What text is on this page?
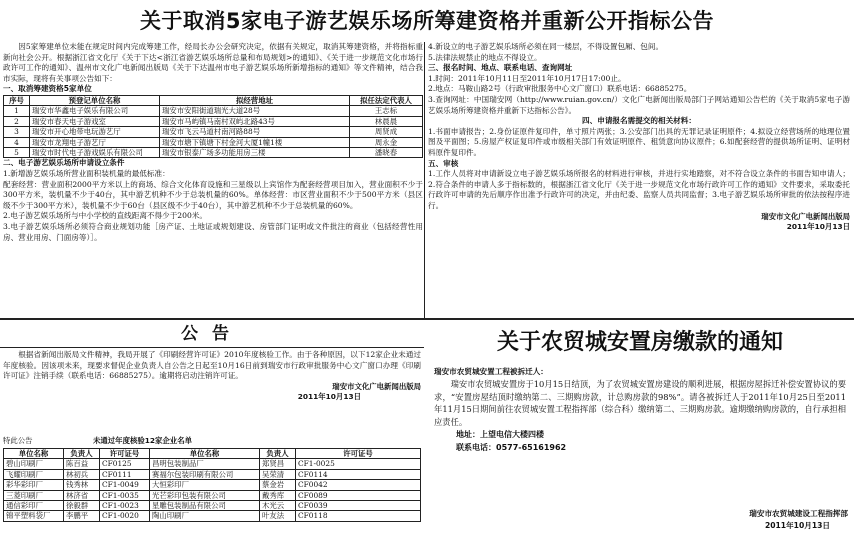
关于取消5家电子游艺娱乐场所筹建资格并重新公开指标公告

因5家筹建单位未能在规定时间内完成筹建工作，经局长办公会研究决定，依据有关规定，取消其筹建资格，并将指标重新向社会公开。根据浙江省文化厅《关于下达<浙江省游艺娱乐场所总量和布局规划>的通知》、《关于进一步规范文化市场行政许可工作的通知》、温州市文化广电新闻出版局《关于下达温州市电子游艺娱乐场所新增指标的通知》等文件精神，结合我市实际，现将有关事项公告如下：

一、取消筹建资格5家单位
序号	预登记单位名称	拟经营地址	拟任法定代表人
1	瑞安市华鑫电子娱乐有限公司	瑞安市安阳街道瑞光大道28号	王志标
2	瑞安市春天电子游戏室	瑞安市马屿镇马南村双屿北路43号	林晨晨
3	瑞安市开心地带电玩游艺厅	瑞安市飞云马道村南河路88号	周贤成
4	瑞安市龙翔电子游艺厅	瑞安市塘下镇塘下村金河大厦1幢1楼	周永金
5	瑞安市时代电子游戏娱乐有限公司	瑞安市银泰广场多功能用房三楼	潘晓春
二、电子游艺娱乐场所申请设立条件

1.新增游艺娱乐场所营业面积装机量的最低标准：

配套经营：营业面积2000平方米以上的商场、综合文化体育设施和三星级以上宾馆作为配套经营项目加入，营业面积不少于300平方米，装机量不少于40台，其中游艺机种不少于总装机量的60%。单体经营：市区营业面积不少于500平方米（县区级不少于300平方米），装机量不少于60台（县区级不少于40台），其中游艺机种不少于总装机量的60%。

2.电子游艺娱乐场所与中小学校的直线距离不得少于200米。

3.电子游艺娱乐场所必须符合商业规划功能［房产证、土地证或规划建设、房管部门证明或文件批注的商业（包括经营性用房、营业用房、门面房等）］。

4.新设立的电子游艺娱乐场所必须在同一楼层，不得设置包厢、包间。

5.法律法规禁止的地点不得设立。

三、报名时间、地点、联系电话、查询网址

1.时间：2011年10月11日至2011年10月17日17:00止。

2.地点：马鞍山路2号（行政审批服务中心文广窗口）联系电话：66885275。

3.查询网址：中国瑞安网（http://www.ruian.gov.cn/）文化广电新闻出版局部门子网站通知公告栏的《关于取消5家电子游艺娱乐场所筹建资格并重新下达指标公告》。

四、申请报名需提交的相关材料：

1.书面申请报告；2.身份证原件复印件，单寸照片两张；3.公安部门出具的无罪记录证明原件；4.拟设立经营场所的地理位置图及平面图；5.房屋产权证复印件或市级相关部门有效证明原件、租赁意向协议原件；6.如配套经营的提供场所证明、证明材料原件复印件。

五、审核

1.工作人员将对申请新设立电子游艺娱乐场所报名的材料进行审核，并进行实地踏察，对不符合设立条件的书面告知申请人；2.符合条件的申请人多于指标数的，根据浙江省文化厅《关于进一步规范文化市场行政许可工作的通知》文件要求，采取委托行政许可申请的先后顺序作出准予行政许可的决定，并由纪委、监察人员共同监督；3.电子游艺娱乐场所审批的依法按程序进行。

瑞安市文化广电新闻出版局
2011年10月13日
公告

根据省新闻出版局文件精神，我局开展了《印刷经营许可证》2010年度核验工作。由于各种原因，以下12家企业未通过年度核验。因该项未来，现要求督促企业负责人自公告之日起至10月16日前到瑞安市行政审批服务中心文广窗口办理《印刷许可证》注销手续（联系电话：66885275）。逾期将启动注销许可证。

瑞安市文化广电新闻出版局
2011年10月13日
特此公告	未通过年度核验12家企业名单
单位名称	负责人	许可证号	单位名称	负责人	许可证号
碧山印刷厂	陈百益	CF0125	昌明包装制品厂	郑贤昌	CF1-0025
飞耀印刷厂	林初兵	CF0111	赛福尔包装印刷有限公司	吴荣清	CF0114
彩华彩印厂	钱秀林	CF1-0049	大恒彩印厂	蔡金岩	CF0042
三菱印刷厂	林济省	CF1-0035	光芒彩印包装有限公司	戴秀库	CF0089
通信彩印厂	徐毅群	CF1-0023	星雕包装制品有限公司	木光云	CF0039
锦平塑料袋厂	李鹏平	CF1-0020	陶山印刷厂	叶友法	CF0118
关于农贸城安置房缴款的通知
瑞安市农贸城安置工程被拆迁人：

瑞安市农贸城安置房于10月15日结顶，为了农贸城安置房建设的顺利进展，根据房屋拆迁补偿安置协议的要求，“安置房屋结顶时缴纳第二、三期购房款，计总购房款的98%”。请各被拆迁人于2011年10月25日至2011年11月15日期间前往农贸城安置工程指挥部（综合科）缴纳第二、三期购房款。逾期缴纳购房款的，自行承担相应责任。

地址：上望电信大楼四楼
联系电话：0577-65161962
瑞安市农贸城建设工程指挥部
2011年10月13日
